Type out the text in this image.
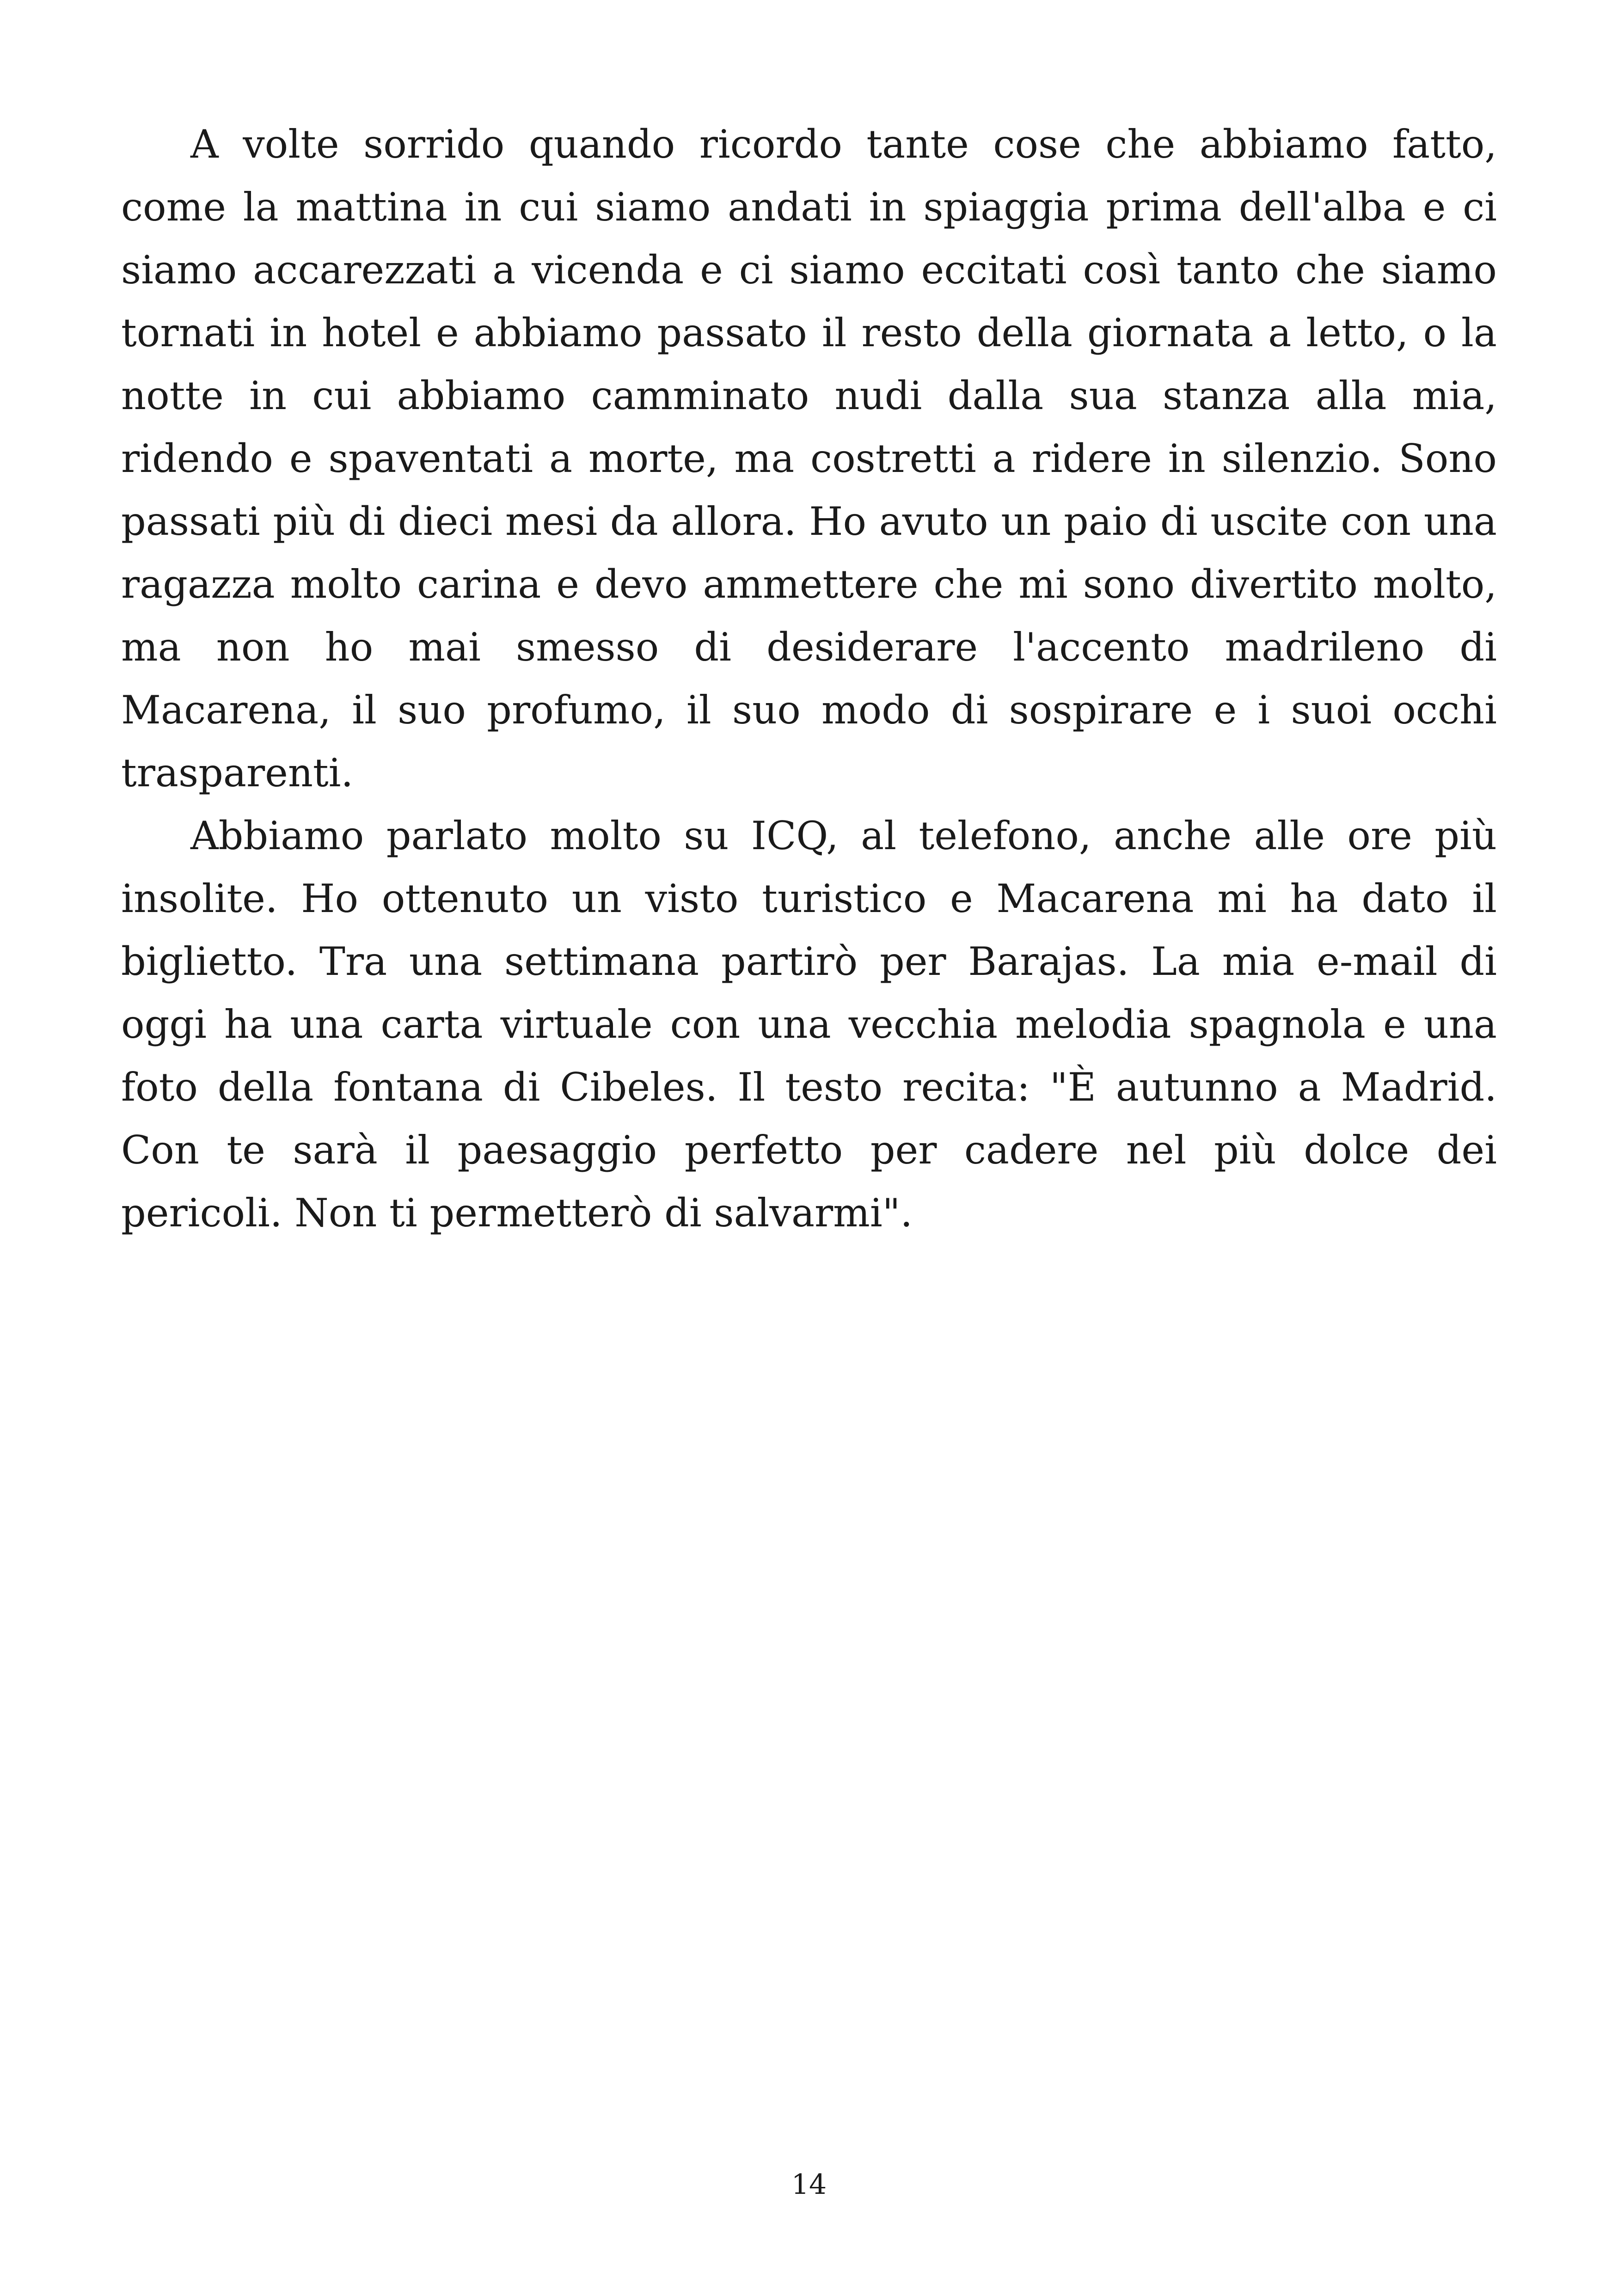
A volte sorrido quando ricordo tante cose che abbiamo fatto, come la mattina in cui siamo andati in spiaggia prima dell'alba e ci siamo accarezzati a vicenda e ci siamo eccitati così tanto che siamo tornati in hotel e abbiamo passato il resto della giornata a letto, o la notte in cui abbiamo camminato nudi dalla sua stanza alla mia, ridendo e spaventati a morte, ma costretti a ridere in silenzio. Sono passati più di dieci mesi da allora. Ho avuto un paio di uscite con una ragazza molto carina e devo ammettere che mi sono divertito molto, ma non ho mai smesso di desiderare l'accento madrileno di Macarena, il suo profumo, il suo modo di sospirare e i suoi occhi trasparenti.

Abbiamo parlato molto su ICQ, al telefono, anche alle ore più insolite. Ho ottenuto un visto turistico e Macarena mi ha dato il biglietto. Tra una settimana partirò per Barajas. La mia e-mail di oggi ha una carta virtuale con una vecchia melodia spagnola e una foto della fontana di Cibeles. Il testo recita: "È autunno a Madrid. Con te sarà il paesaggio perfetto per cadere nel più dolce dei pericoli. Non ti permetterò di salvarmi".

14
